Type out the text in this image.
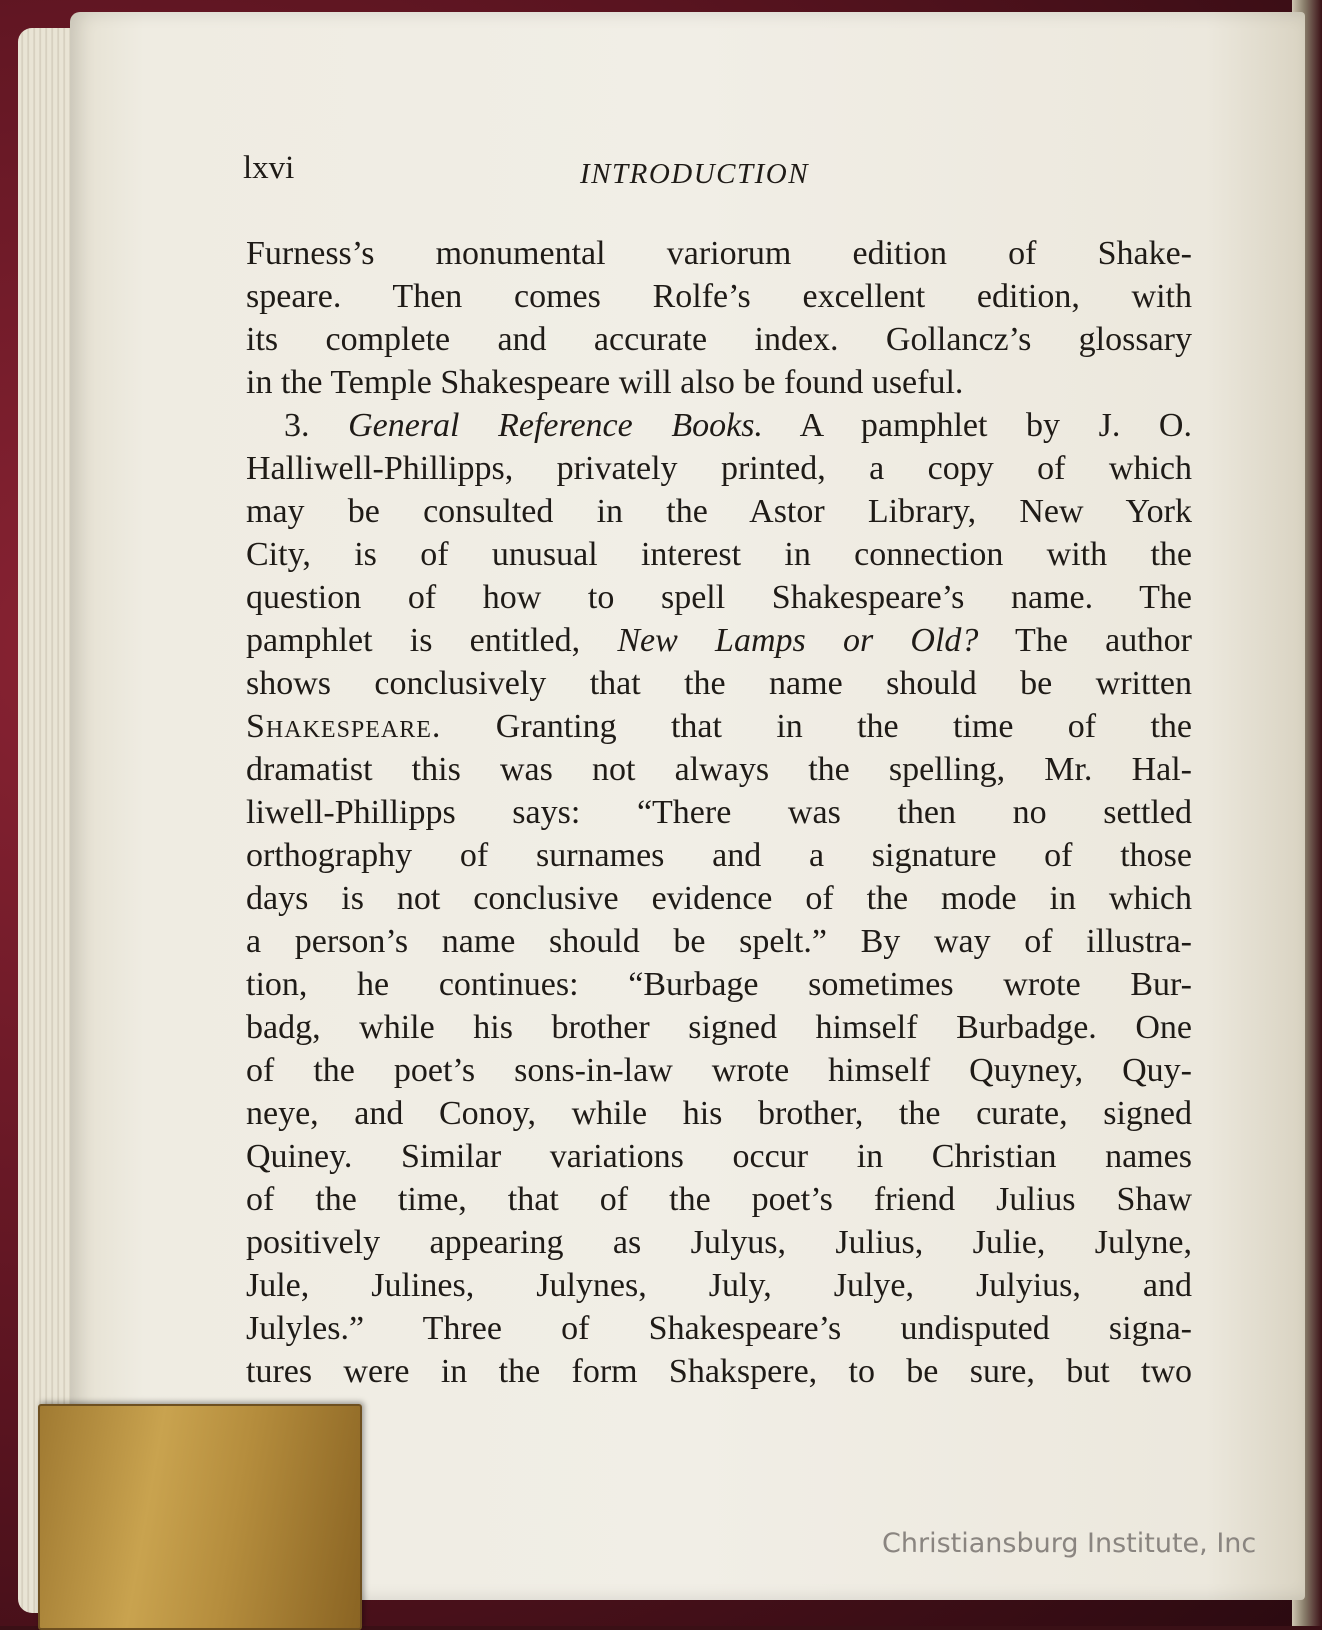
lxvi	INTRODUCTION
Furness’s monumental variorum edition of Shake-
speare. Then comes Rolfe’s excellent edition, with
its complete and accurate index. Gollancz’s glossary
in the Temple Shakespeare will also be found useful.
3. General Reference Books. A pamphlet by J. O.
Halliwell-Phillipps, privately printed, a copy of which
may be consulted in the Astor Library, New York
City, is of unusual interest in connection with the
question of how to spell Shakespeare’s name. The
pamphlet is entitled, New Lamps or Old? The author
shows conclusively that the name should be written
Shakespeare. Granting that in the time of the
dramatist this was not always the spelling, Mr. Hal-
liwell-Phillipps says: “There was then no settled
orthography of surnames and a signature of those
days is not conclusive evidence of the mode in which
a person’s name should be spelt.” By way of illustra-
tion, he continues: “Burbage sometimes wrote Bur-
badg, while his brother signed himself Burbadge. One
of the poet’s sons-in-law wrote himself Quyney, Quy-
neye, and Conoy, while his brother, the curate, signed
Quiney. Similar variations occur in Christian names
of the time, that of the poet’s friend Julius Shaw
positively appearing as Julyus, Julius, Julie, Julyne,
Jule, Julines, Julynes, July, Julye, Julyius, and
Julyles.” Three of Shakespeare’s undisputed signa-
tures were in the form Shakspere, to be sure, but two
Christiansburg Institute, Inc
